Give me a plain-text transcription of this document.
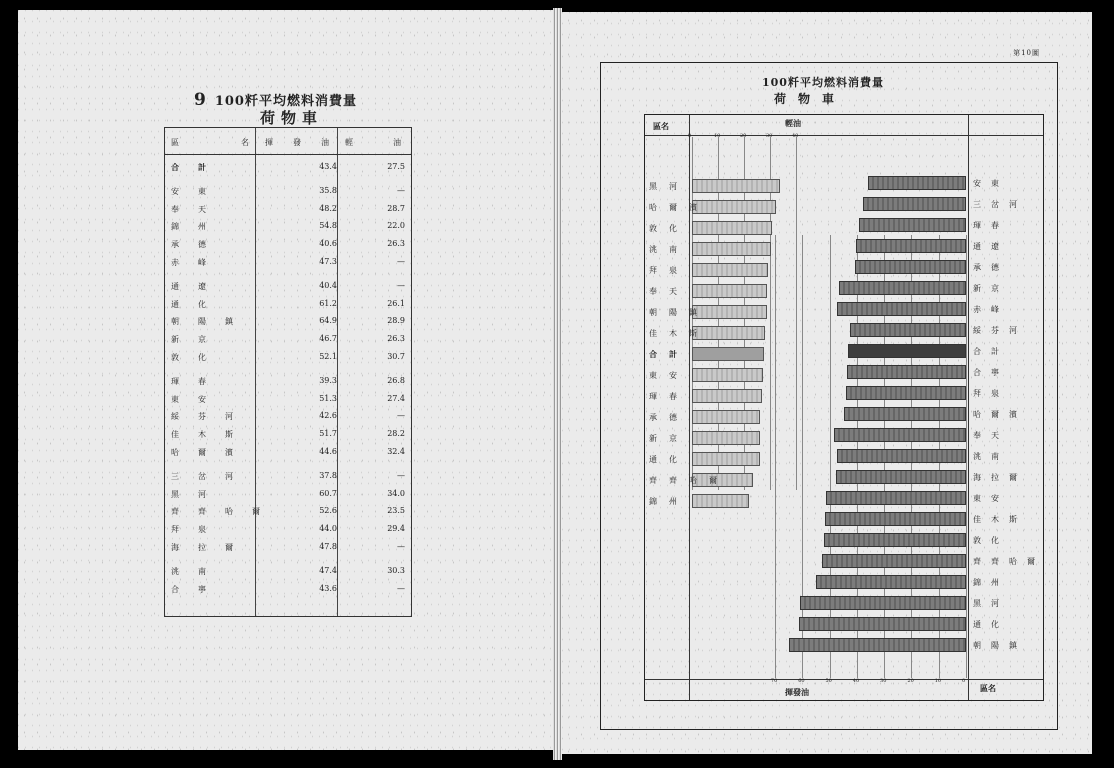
9 100粁平均燃料消費量
荷物車
區	名 揮	發	油 輕	油
合計	43.4	27.5
安東	35.8	—
奉天	48.2	28.7
錦州	54.8	22.0
承德	40.6	26.3
赤峰	47.3	—
通遼	40.4	—
通化	61.2	26.1
朝陽鎮	64.9	28.9
新京	46.7	26.3
敦化	52.1	30.7
琿春	39.3	26.8
東安	51.3	27.4
綏芬河	42.6	—
佳木斯	51.7	28.2
哈爾濱	44.6	32.4
三岔河	37.8	—
黑河	60.7	34.0
齊齊哈爾	52.6	23.5
拜泉	44.0	29.4
海拉爾	47.8	—
洮南	47.4	30.3
合寧	43.6	—
第10圖
100粁平均燃料消費量
荷物車
區名	輕油
揮發油	區名
0	10	20	30	40
70	60	50	40	30	20	10	0
黑河
哈爾濱
敦化
洮南
拜泉
奉天
朝陽鎮
佳木斯
合計
東安
琿春
承德
新京
通化
齊齊哈爾
錦州
安東
三岔河
琿春
通遼
承德
新京
赤峰
綏芬河
合計
合寧
拜泉
哈爾濱
奉天
洮南
海拉爾
東安
佳木斯
敦化
齊齊哈爾
錦州
黑河
通化
朝陽鎮
